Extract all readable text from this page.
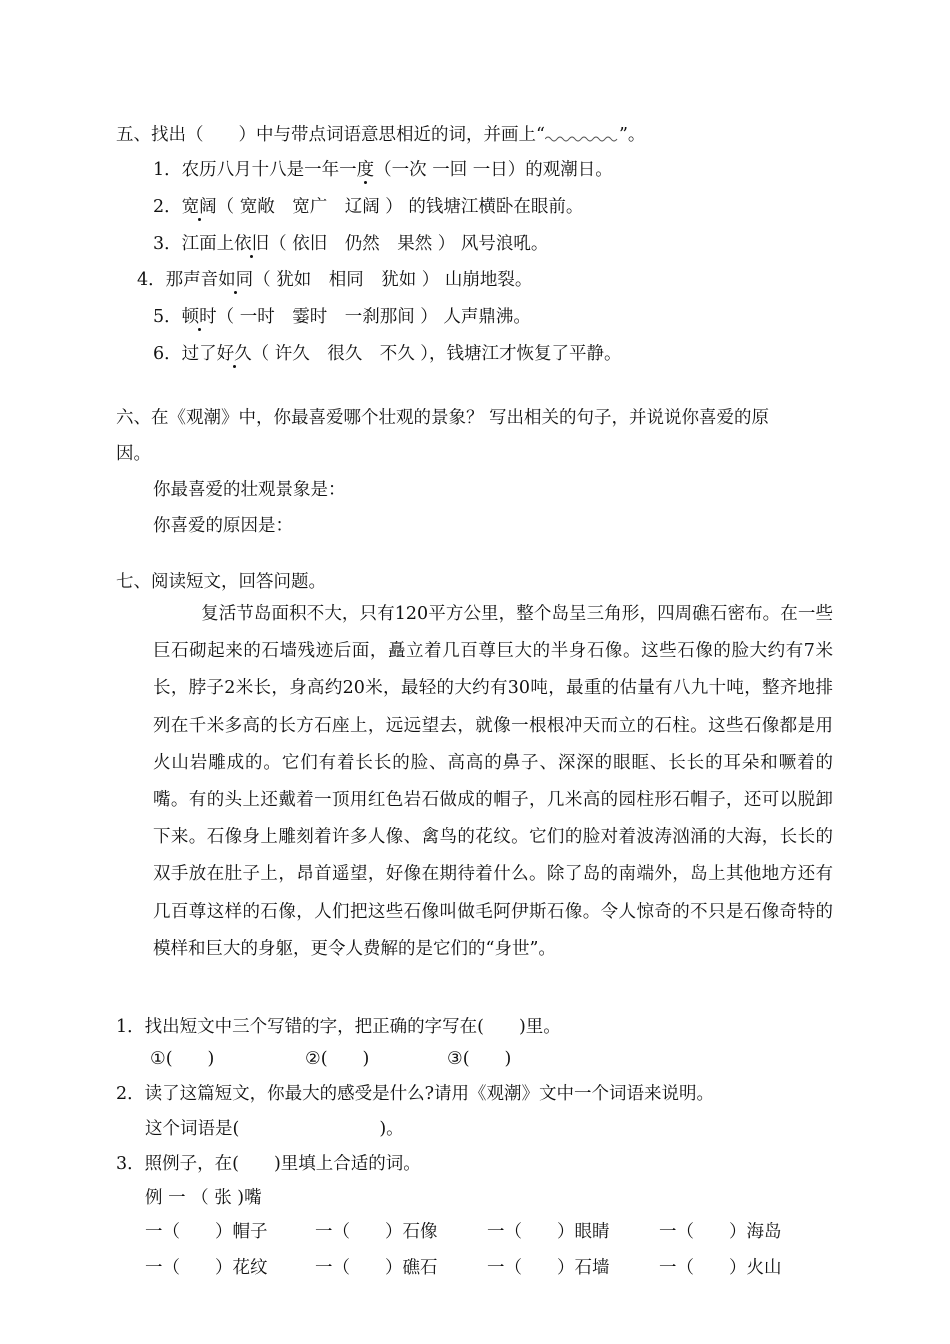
五、找出（　　）中与带点词语意思相近的词，并画上“	”。
1．农历八月十八是一年一度（一次 一回 一日）的观潮日。
2．宽阔（ 宽敞　宽广　辽阔 ） 的钱塘江横卧在眼前。
3．江面上依旧（ 依旧　仍然　果然 ） 风号浪吼。
4．那声音如同（ 犹如　相同　犹如 ） 山崩地裂。
5．顿时（ 一时　霎时　一刹那间 ） 人声鼎沸。
6．过了好久（ 许久　很久　不久 ），钱塘江才恢复了平静。
六、在《观潮》中，你最喜爱哪个壮观的景象？ 写出相关的句子，并说说你喜爱的原
因。
你最喜爱的壮观景象是：
你喜爱的原因是：
七、阅读短文，回答问题。
复活节岛面积不大，只有120平方公里，整个岛呈三角形，四周礁石密布。在一些巨石砌起来的石墙残迹后面，矗立着几百尊巨大的半身石像。这些石像的脸大约有7米长，脖子2米长，身高约20米，最轻的大约有30吨，最重的估量有八九十吨，整齐地排列在千米多高的长方石座上，远远望去，就像一根根冲天而立的石柱。这些石像都是用火山岩雕成的。它们有着长长的脸、高高的鼻子、深深的眼眶、长长的耳朵和噘着的嘴。有的头上还戴着一顶用红色岩石做成的帽子，几米高的园柱形石帽子，还可以脱卸下来。石像身上雕刻着许多人像、禽鸟的花纹。它们的脸对着波涛汹涌的大海，长长的双手放在肚子上，昂首遥望，好像在期待着什么。除了岛的南端外，岛上其他地方还有几百尊这样的石像，人们把这些石像叫做毛阿伊斯石像。令人惊奇的不只是石像奇特的模样和巨大的身躯，更令人费解的是它们的“身世”。
1．找出短文中三个写错的字，把正确的字写在(　　)里。
①(　　)	②(　　)	③(　　)
2．读了这篇短文，你最大的感受是什么?请用《观潮》文中一个词语来说明。
这个词语是(　　　　　　　　)。
3．照例子，在(　　)里填上合适的词。
例 一 （ 张 )嘴
一（　　）帽子	一（　　）石像	一（　　）眼睛	一（　　）海岛
一（　　）花纹	一（　　）礁石	一（　　）石墙	一（　　）火山
